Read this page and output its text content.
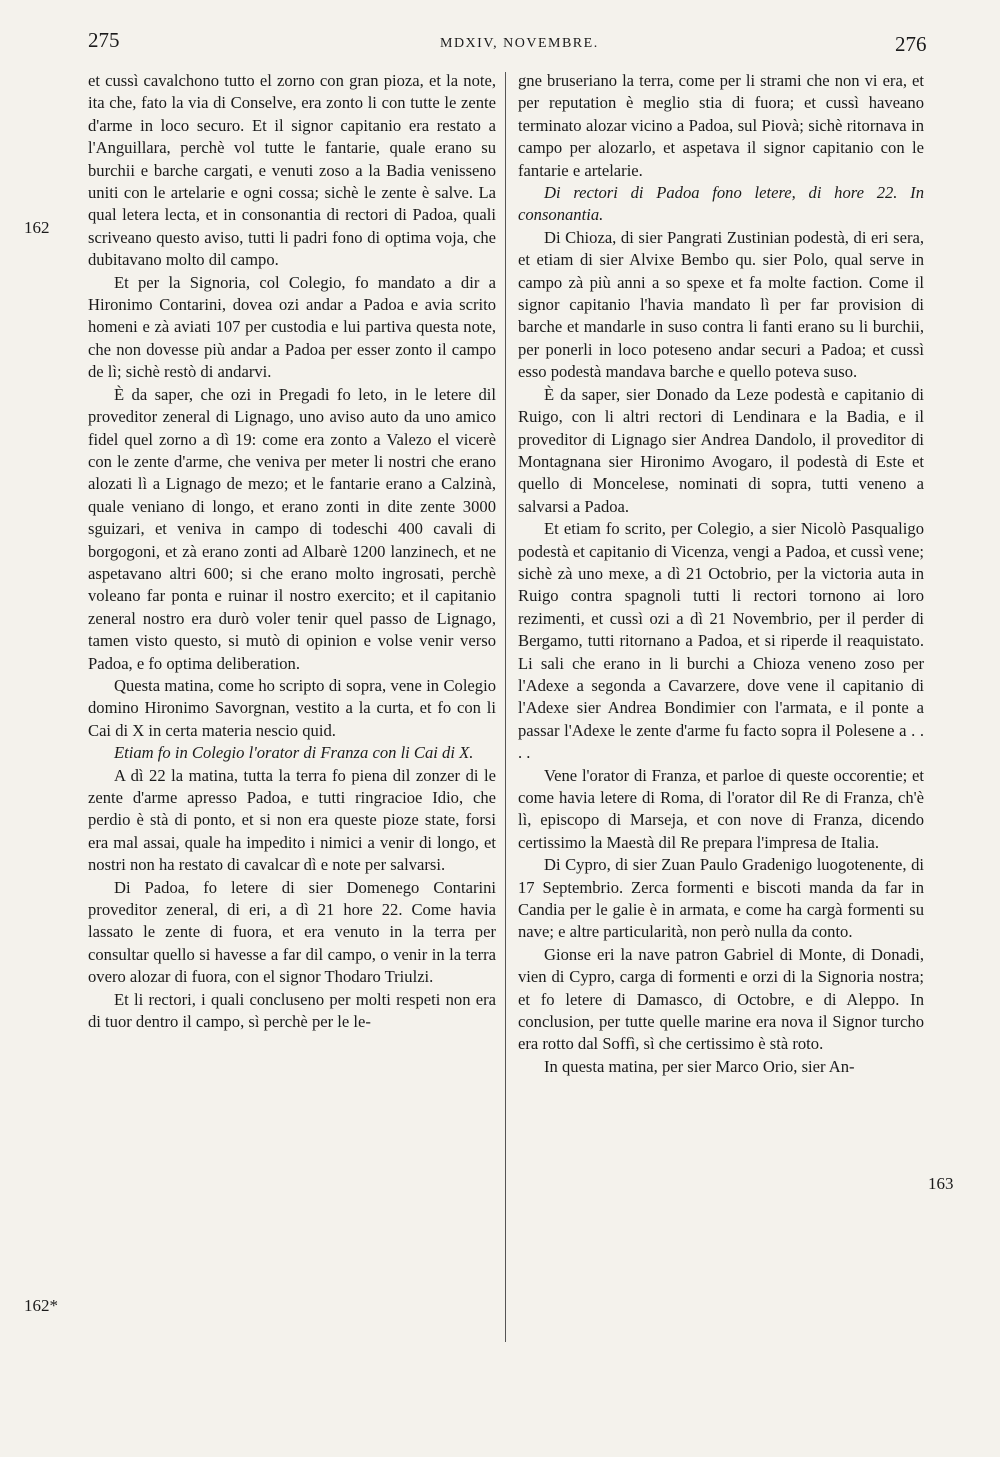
275	MDXIV, NOVEMBRE.	276
162
162*
163

et cussì cavalchono tutto el zorno con gran pioza, et la note, ita che, fato la via di Conselve, era zonto li con tutte le zente d'arme in loco securo. Et il signor capitanio era restato a l'Anguillara, perchè vol tutte le fantarie, quale erano su burchii e barche cargati, e venuti zoso a la Badia venisseno uniti con le artelarie e ogni cossa; sichè le zente è salve. La qual letera lecta, et in consonantia di rectori di Padoa, quali scriveano questo aviso, tutti li padri fono di optima voja, che dubitavano molto dil campo.

Et per la Signoria, col Colegio, fo mandato a dir a Hironimo Contarini, dovea ozi andar a Padoa e avia scrito homeni e zà aviati 107 per custodia e lui partiva questa note, che non dovesse più andar a Padoa per esser zonto il campo de lì; sichè restò di andarvi.

È da saper, che ozi in Pregadi fo leto, in le letere dil proveditor zeneral di Lignago, uno aviso auto da uno amico fidel quel zorno a dì 19: come era zonto a Valezo el vicerè con le zente d'arme, che veniva per meter li nostri che erano alozati lì a Lignago de mezo; et le fantarie erano a Calzinà, quale veniano di longo, et erano zonti in dite zente 3000 sguizari, et veniva in campo di todeschi 400 cavali di borgogoni, et zà erano zonti ad Albarè 1200 lanzinech, et ne aspetavano altri 600; si che erano molto ingrosati, perchè voleano far ponta e ruinar il nostro exercito; et il capitanio zeneral nostro era durò voler tenir quel passo de Lignago, tamen visto questo, si mutò di opinion e volse venir verso Padoa, e fo optima deliberation.

Questa matina, come ho scripto di sopra, vene in Colegio domino Hironimo Savorgnan, vestito a la curta, et fo con li Cai di X in certa materia nescio quid.

Etiam fo in Colegio l'orator di Franza con li Cai di X.

A dì 22 la matina, tutta la terra fo piena dil zonzer di le zente d'arme apresso Padoa, e tutti ringracioe Idio, che perdio è stà di ponto, et si non era queste pioze state, forsi era mal assai, quale ha impedito i nimici a venir di longo, et nostri non ha restato di cavalcar dì e note per salvarsi.

Di Padoa, fo letere di sier Domenego Contarini proveditor zeneral, di eri, a dì 21 hore 22. Come havia lassato le zente di fuora, et era venuto in la terra per consultar quello si havesse a far dil campo, o venir in la terra overo alozar di fuora, con el signor Thodaro Triulzi.

Et li rectori, i quali concluseno per molti respeti non era di tuor dentro il campo, sì perchè per le le-

gne bruseriano la terra, come per li strami che non vi era, et per reputation è meglio stia di fuora; et cussì haveano terminato alozar vicino a Padoa, sul Piovà; sichè ritornava in campo per alozarlo, et aspetava il signor capitanio con le fantarie e artelarie.

Di rectori di Padoa fono letere, di hore 22. In consonantia.

Di Chioza, di sier Pangrati Zustinian podestà, di eri sera, et etiam di sier Alvixe Bembo qu. sier Polo, qual serve in campo zà più anni a so spexe et fa molte faction. Come il signor capitanio l'havia mandato lì per far provision di barche et mandarle in suso contra li fanti erano su li burchii, per ponerli in loco poteseno andar securi a Padoa; et cussì esso podestà mandava barche e quello poteva suso.

È da saper, sier Donado da Leze podestà e capitanio di Ruigo, con li altri rectori di Lendinara e la Badia, e il proveditor di Lignago sier Andrea Dandolo, il proveditor di Montagnana sier Hironimo Avogaro, il podestà di Este et quello di Moncelese, nominati di sopra, tutti veneno a salvarsi a Padoa.

Et etiam fo scrito, per Colegio, a sier Nicolò Pasqualigo podestà et capitanio di Vicenza, vengi a Padoa, et cussì vene; sichè zà uno mexe, a dì 21 Octobrio, per la victoria auta in Ruigo contra spagnoli tutti li rectori tornono ai loro rezimenti, et cussì ozi a dì 21 Novembrio, per il perder di Bergamo, tutti ritornano a Padoa, et si riperde il reaquistato. Li sali che erano in li burchi a Chioza veneno zoso per l'Adexe a segonda a Cavarzere, dove vene il capitanio di l'Adexe sier Andrea Bondimier con l'armata, e il ponte a passar l'Adexe le zente d'arme fu facto sopra il Polesene a . . . .

Vene l'orator di Franza, et parloe di queste occorentie; et come havia letere di Roma, di l'orator dil Re di Franza, ch'è lì, episcopo di Marseja, et con nove di Franza, dicendo certissimo la Maestà dil Re prepara l'impresa de Italia.

Di Cypro, di sier Zuan Paulo Gradenigo luogotenente, di 17 Septembrio. Zerca formenti e biscoti manda da far in Candia per le galie è in armata, e come ha cargà formenti su nave; e altre particularità, non però nulla da conto.

Gionse eri la nave patron Gabriel di Monte, di Donadi, vien di Cypro, carga di formenti e orzi di la Signoria nostra; et fo letere di Damasco, di Octobre, e di Aleppo. In conclusion, per tutte quelle marine era nova il Signor turcho era rotto dal Soffì, sì che certissimo è stà roto.

In questa matina, per sier Marco Orio, sier An-
